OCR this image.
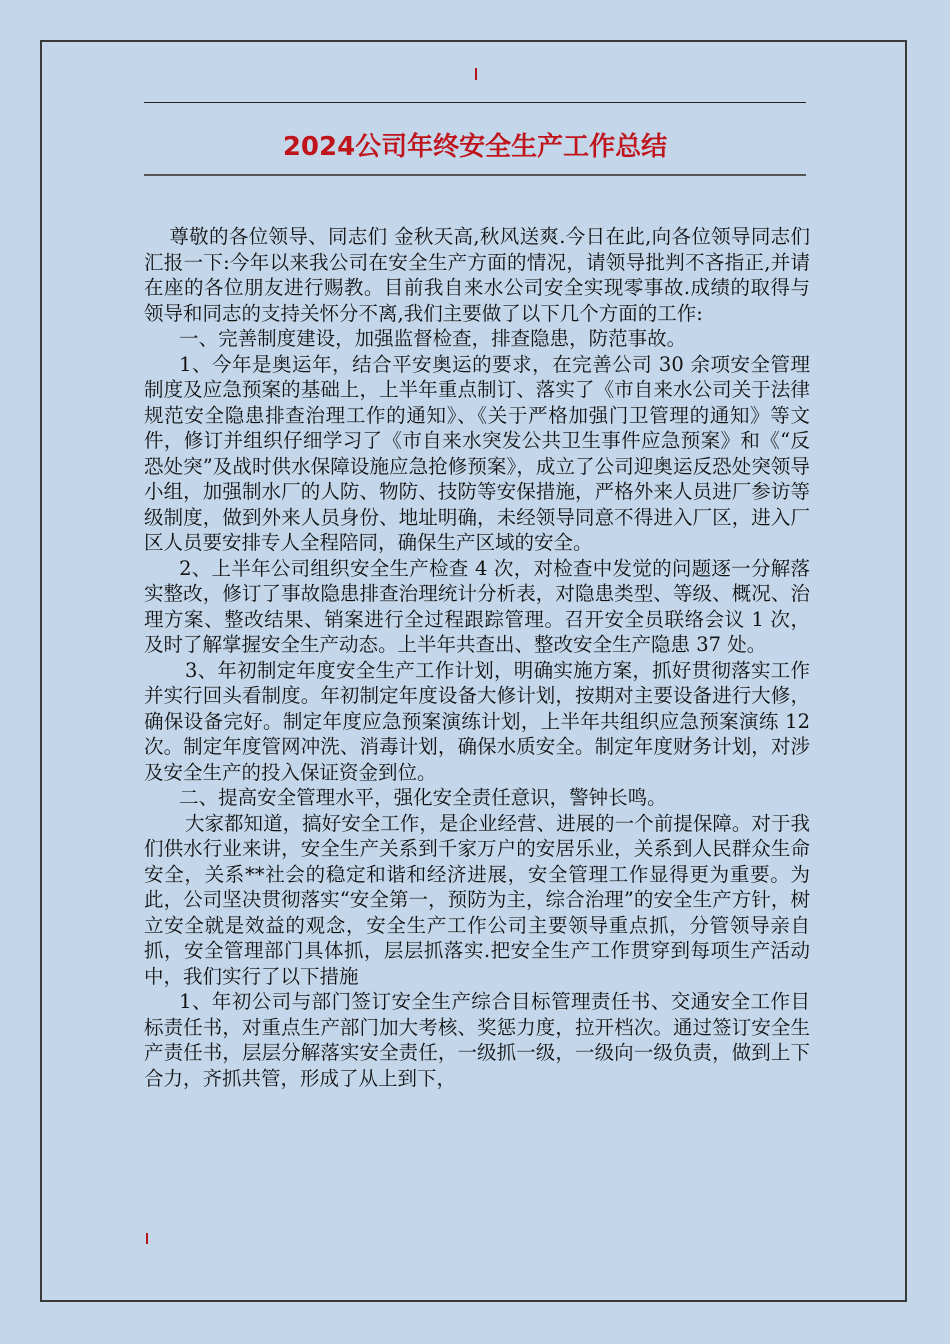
2024公司年终安全生产工作总结

尊敬的各位领导、同志们 金秋天高,秋风送爽.今日在此,向各位领导同志们汇报一下:今年以来我公司在安全生产方面的情况，请领导批判不吝指正,并请在座的各位朋友进行赐教。目前我自来水公司安全实现零事故.成绩的取得与领导和同志的支持关怀分不离,我们主要做了以下几个方面的工作:

一、完善制度建设，加强监督检查，排查隐患，防范事故。

1、今年是奥运年，结合平安奥运的要求，在完善公司 30 余项安全管理制度及应急预案的基础上，上半年重点制订、落实了《市自来水公司关于法律规范安全隐患排查治理工作的通知》、《关于严格加强门卫管理的通知》等文件，修订并组织仔细学习了《市自来水突发公共卫生事件应急预案》和《“反恐处突”及战时供水保障设施应急抢修预案》，成立了公司迎奥运反恐处突领导小组，加强制水厂的人防、物防、技防等安保措施，严格外来人员进厂参访等级制度，做到外来人员身份、地址明确，未经领导同意不得进入厂区，进入厂区人员要安排专人全程陪同，确保生产区域的安全。

2、上半年公司组织安全生产检查 4 次，对检查中发觉的问题逐一分解落实整改，修订了事故隐患排查治理统计分析表，对隐患类型、等级、概况、治理方案、整改结果、销案进行全过程跟踪管理。召开安全员联络会议 1 次，及时了解掌握安全生产动态。上半年共查出、整改安全生产隐患 37 处。

3、年初制定年度安全生产工作计划，明确实施方案，抓好贯彻落实工作并实行回头看制度。年初制定年度设备大修计划，按期对主要设备进行大修，确保设备完好。制定年度应急预案演练计划，上半年共组织应急预案演练 12 次。制定年度管网冲洗、消毒计划，确保水质安全。制定年度财务计划，对涉及安全生产的投入保证资金到位。

二、提高安全管理水平，强化安全责任意识，警钟长鸣。

大家都知道，搞好安全工作，是企业经营、进展的一个前提保障。对于我们供水行业来讲，安全生产关系到千家万户的安居乐业，关系到人民群众生命安全，关系**社会的稳定和谐和经济进展，安全管理工作显得更为重要。为此，公司坚决贯彻落实“安全第一，预防为主，综合治理”的安全生产方针，树立安全就是效益的观念，安全生产工作公司主要领导重点抓，分管领导亲自抓，安全管理部门具体抓，层层抓落实.把安全生产工作贯穿到每项生产活动中，我们实行了以下措施

1、年初公司与部门签订安全生产综合目标管理责任书、交通安全工作目标责任书，对重点生产部门加大考核、奖惩力度，拉开档次。通过签订安全生产责任书，层层分解落实安全责任，一级抓一级，一级向一级负责，做到上下合力，齐抓共管，形成了从上到下，
